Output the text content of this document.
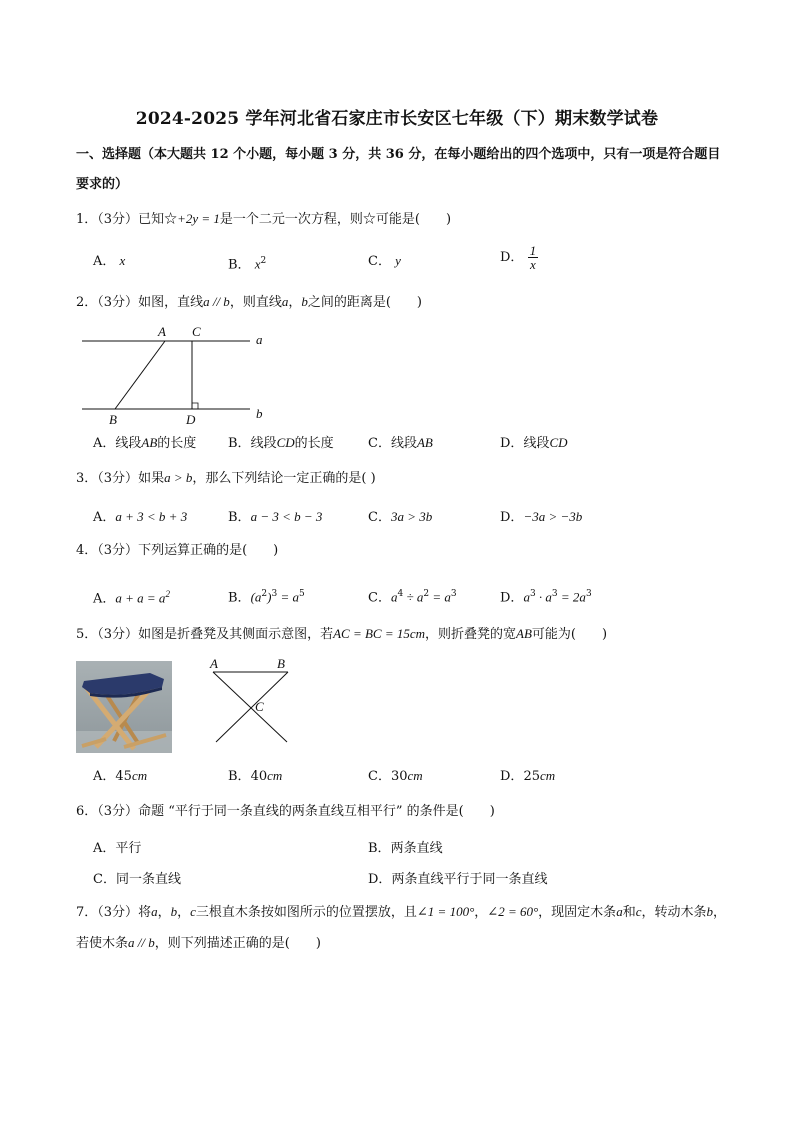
2024-2025 学年河北省石家庄市长安区七年级（下）期末数学试卷
一、选择题（本大题共 12 个小题，每小题 3 分，共 36 分，在每小题给出的四个选项中，只有一项是符合题目要求的）
1．（3分）已知☆+2y = 1是一个二元一次方程，则☆可能是(　　)
A． x	B． $x^2$	C． y	D． $\frac{1}{x}$
2．（3分）如图，直线a // b，则直线a，b之间的距离是(　　)
A C
a
B	D	b
A．线段AB的长度 B．线段CD的长度	C．线段AB	D．线段CD
3．（3分）如果a > b，那么下列结论一定正确的是( )
A．a + 3 < b + 3	B．a − 3 < b − 3	C．3a > 3b	D．−3a > −3b
4．（3分）下列运算正确的是(　　)
A．$a + a = a^2$	B．$(a^2)^3 = a^5$	C．$a^4 \div a^2 = a^3$	D．$a^3 \cdot a^3 = 2a^3$
5．（3分）如图是折叠凳及其侧面示意图，若AC = BC = 15cm，则折叠凳的宽AB可能为(　　)
A	B
C
A．45cm	B．40cm	C．30cm	D．25cm
6．（3分）命题 “平行于同一条直线的两条直线互相平行” 的条件是(　　)
A．平行	B．两条直线
C．同一条直线	D．两条直线平行于同一条直线
7．（3分）将a，b，c三根直木条按如图所示的位置摆放，且∠1 = 100°，∠2 = 60°，现固定木条a和c，转动木条b，若使木条a // b，则下列描述正确的是(　　)
